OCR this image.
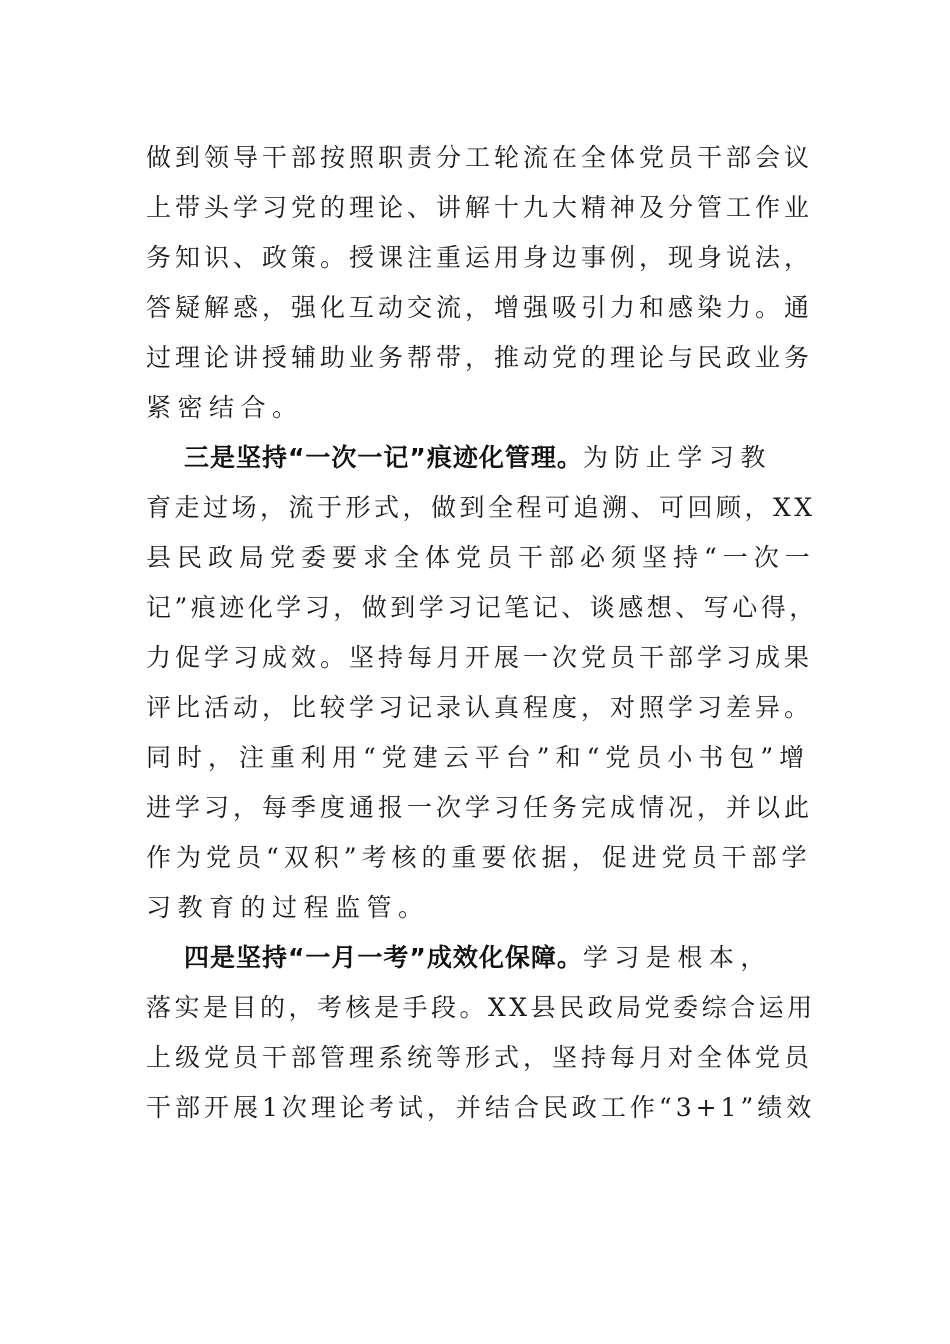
做到领导干部按照职责分工轮流在全体党员干部会议
上带头学习党的理论、讲解十九大精神及分管工作业
务知识、政策。授课注重运用身边事例，现身说法，
答疑解惑，强化互动交流，增强吸引力和感染力。通
过理论讲授辅助业务帮带，推动党的理论与民政业务
紧密结合。

三是坚持“一次一记”痕迹化管理。为防止学习教
育走过场，流于形式，做到全程可追溯、可回顾，XX
县民政局党委要求全体党员干部必须坚持“一次一
记”痕迹化学习，做到学习记笔记、谈感想、写心得，
力促学习成效。坚持每月开展一次党员干部学习成果
评比活动，比较学习记录认真程度，对照学习差异。
同时，注重利用“党建云平台”和“党员小书包”增
进学习，每季度通报一次学习任务完成情况，并以此
作为党员“双积”考核的重要依据，促进党员干部学
习教育的过程监管。

四是坚持“一月一考”成效化保障。学习是根本，
落实是目的，考核是手段。XX县民政局党委综合运用
上级党员干部管理系统等形式，坚持每月对全体党员
干部开展1次理论考试，并结合民政工作“3+1”绩效
